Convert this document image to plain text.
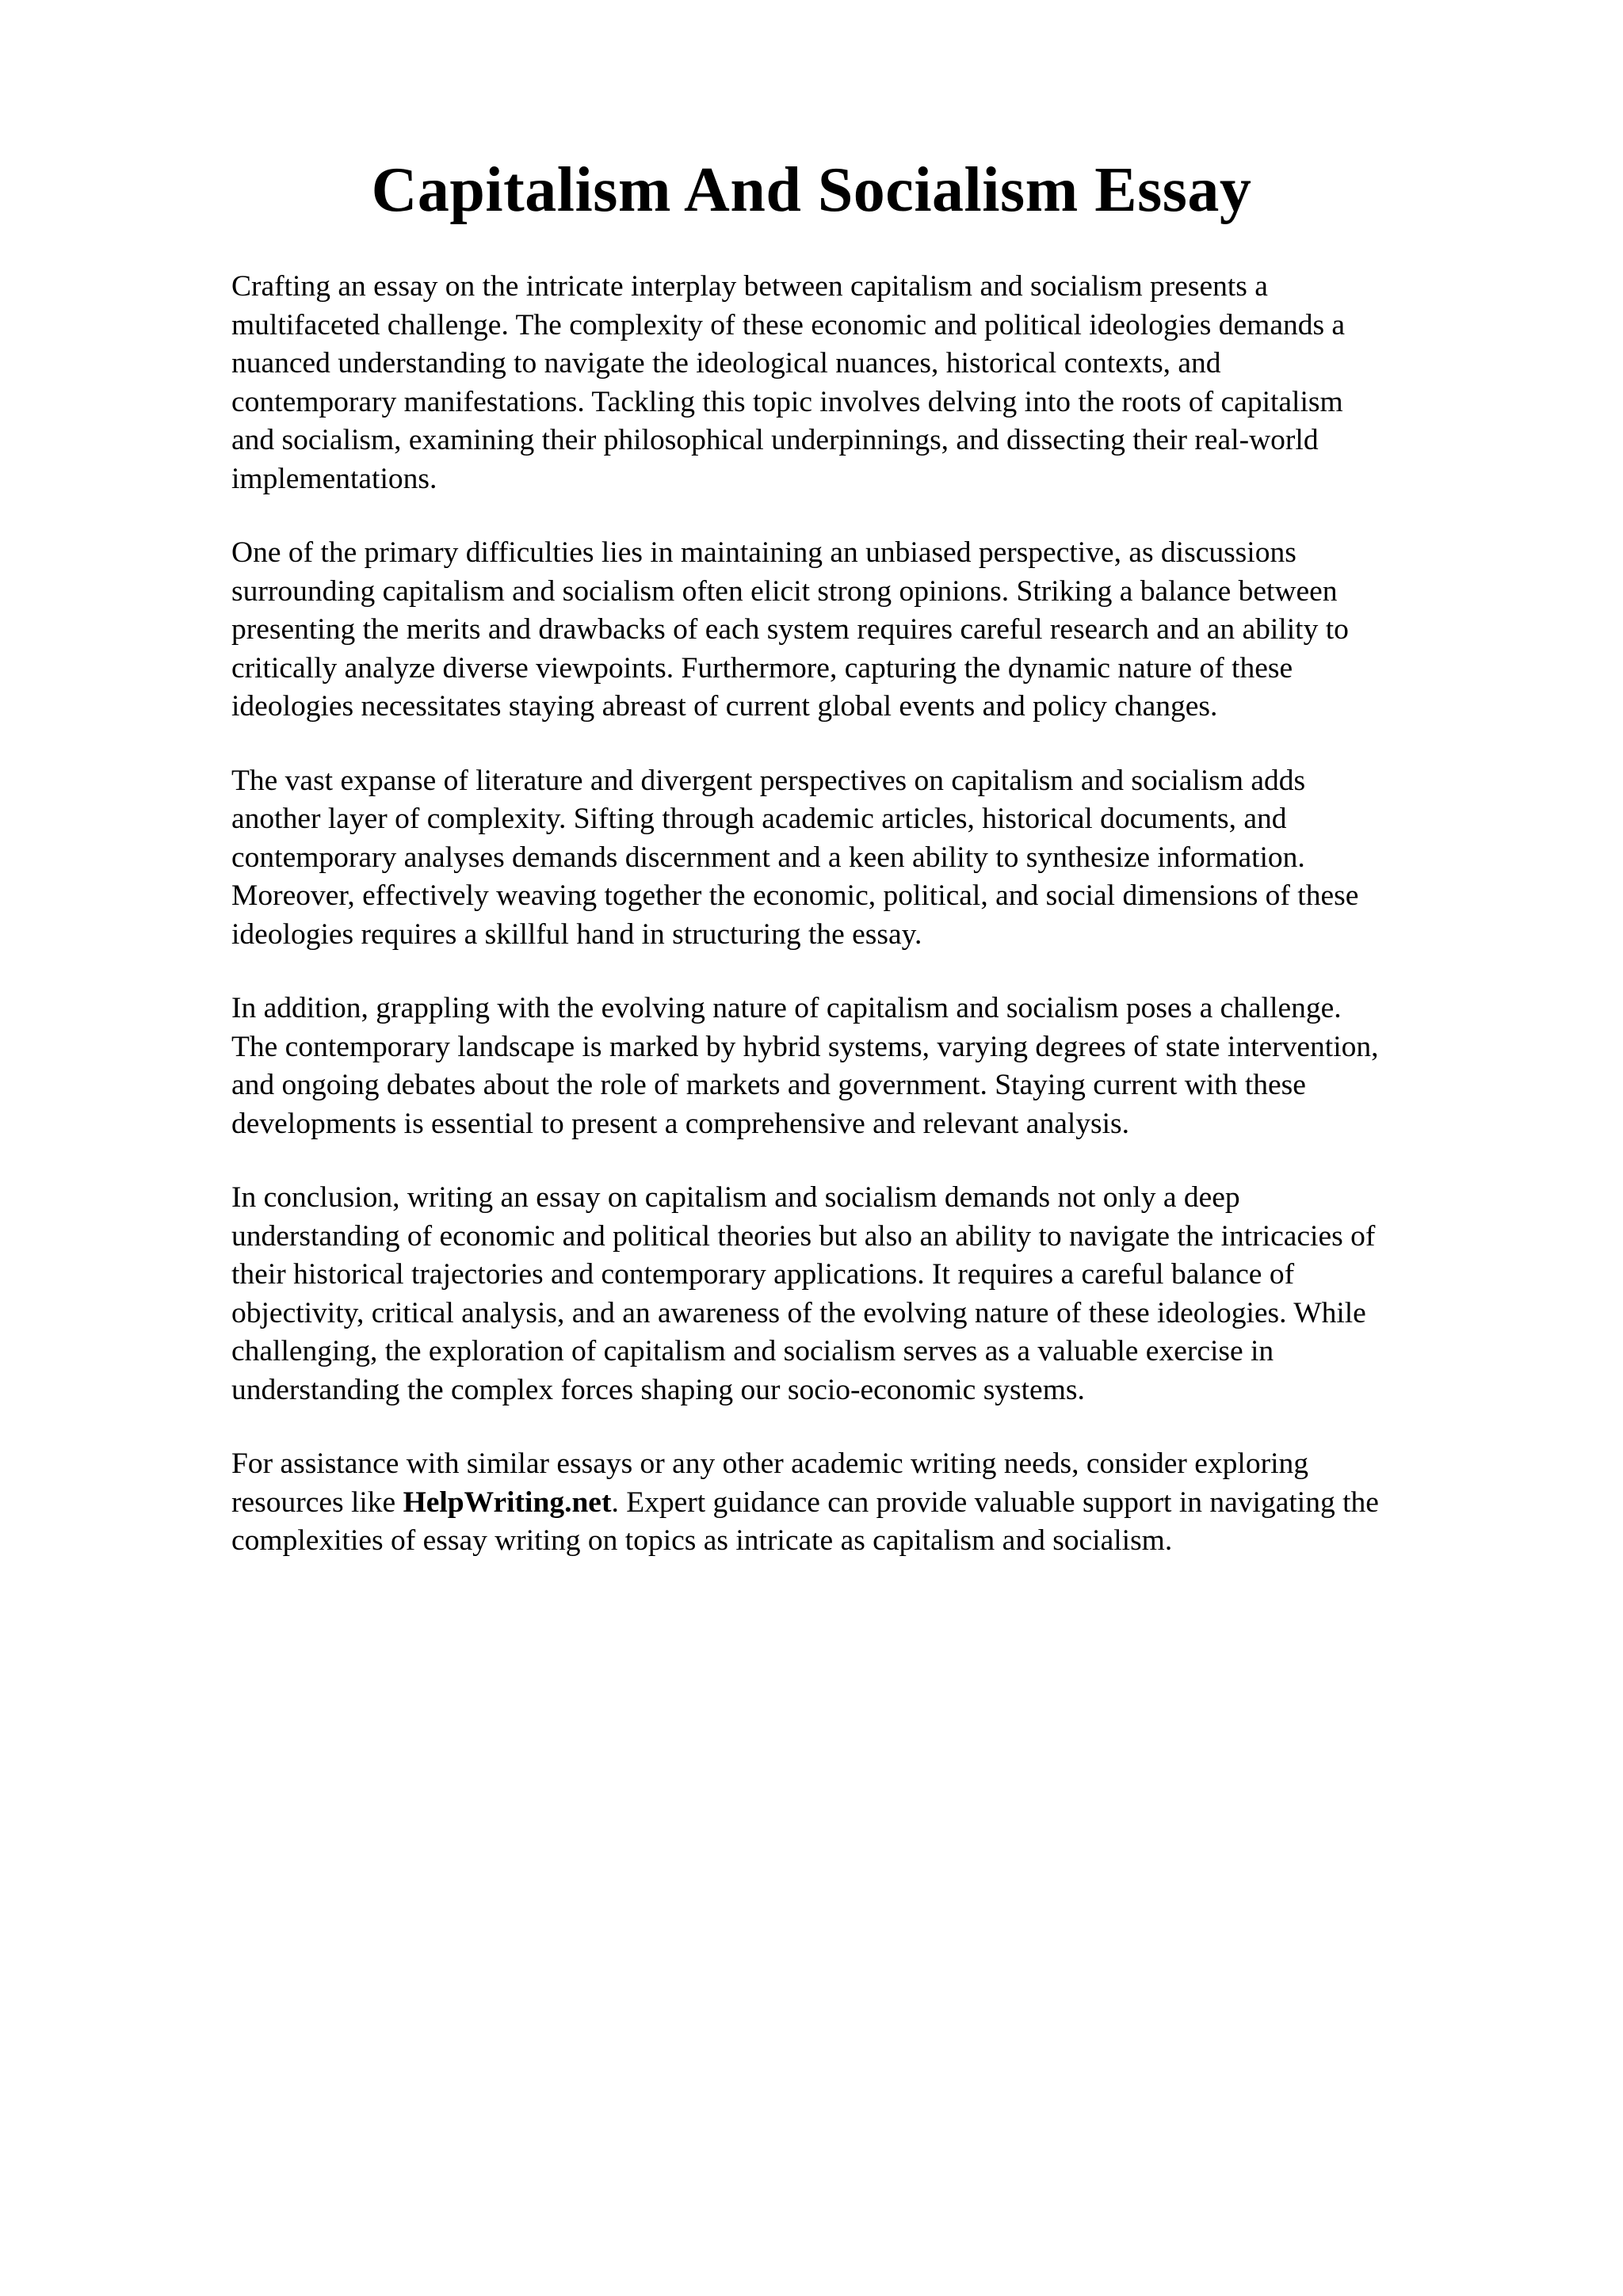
Capitalism And Socialism Essay

Crafting an essay on the intricate interplay between capitalism and socialism presents a
multifaceted challenge. The complexity of these economic and political ideologies demands a
nuanced understanding to navigate the ideological nuances, historical contexts, and
contemporary manifestations. Tackling this topic involves delving into the roots of capitalism
and socialism, examining their philosophical underpinnings, and dissecting their real-world
implementations.

One of the primary difficulties lies in maintaining an unbiased perspective, as discussions
surrounding capitalism and socialism often elicit strong opinions. Striking a balance between
presenting the merits and drawbacks of each system requires careful research and an ability to
critically analyze diverse viewpoints. Furthermore, capturing the dynamic nature of these
ideologies necessitates staying abreast of current global events and policy changes.

The vast expanse of literature and divergent perspectives on capitalism and socialism adds
another layer of complexity. Sifting through academic articles, historical documents, and
contemporary analyses demands discernment and a keen ability to synthesize information.
Moreover, effectively weaving together the economic, political, and social dimensions of these
ideologies requires a skillful hand in structuring the essay.

In addition, grappling with the evolving nature of capitalism and socialism poses a challenge.
The contemporary landscape is marked by hybrid systems, varying degrees of state intervention,
and ongoing debates about the role of markets and government. Staying current with these
developments is essential to present a comprehensive and relevant analysis.

In conclusion, writing an essay on capitalism and socialism demands not only a deep
understanding of economic and political theories but also an ability to navigate the intricacies of
their historical trajectories and contemporary applications. It requires a careful balance of
objectivity, critical analysis, and an awareness of the evolving nature of these ideologies. While
challenging, the exploration of capitalism and socialism serves as a valuable exercise in
understanding the complex forces shaping our socio-economic systems.

For assistance with similar essays or any other academic writing needs, consider exploring
resources like HelpWriting.net. Expert guidance can provide valuable support in navigating the
complexities of essay writing on topics as intricate as capitalism and socialism.
